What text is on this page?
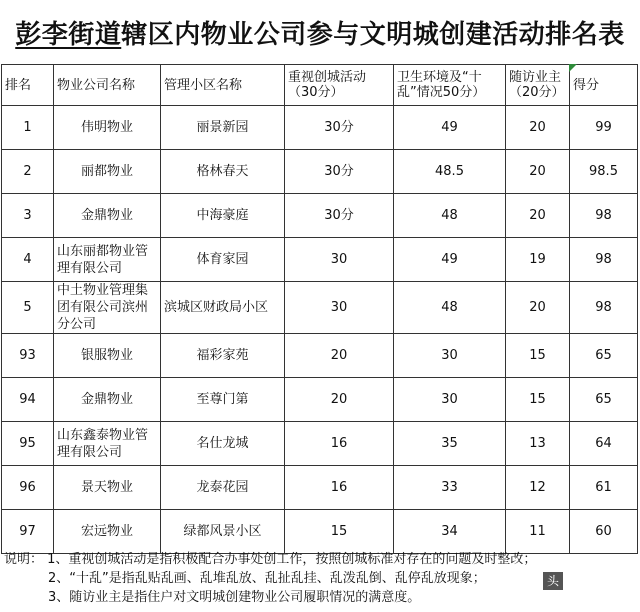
彭李街道 辖区内物业公司参与文明城创建活动排名表
排名	物业公司名称	管理小区名称	重视创城活动（30分）	卫生环境及“十乱”情况50分）	随访业主（20分）	得分
1	伟明物业	丽景新园	30分	49	20	99
2	丽都物业	格林春天	30分	48.5	20	98.5
3	金鼎物业	中海豪庭	30分	48	20	98
4	山东丽都物业管理有限公司	体育家园	30	49	19	98
5	中土物业管理集团有限公司滨州分公司	滨城区财政局小区	30	48	20	98
93	银服物业	福彩家苑	20	30	15	65
94	金鼎物业	至尊门第	20	30	15	65
95	山东鑫泰物业管理有限公司	名仕龙城	16	35	13	64
96	景天物业	龙泰花园	16	33	12	61
97	宏远物业	绿都风景小区	15	34	11	60
说明： 1、重视创城活动是指积极配合办事处创工作，按照创城标准对存在的问题及时整改；
2、“十乱”是指乱贴乱画、乱堆乱放、乱扯乱挂、乱泼乱倒、乱停乱放现象；
3、随访业主是指住户对文明城创建物业公司履职情况的满意度。
头条
